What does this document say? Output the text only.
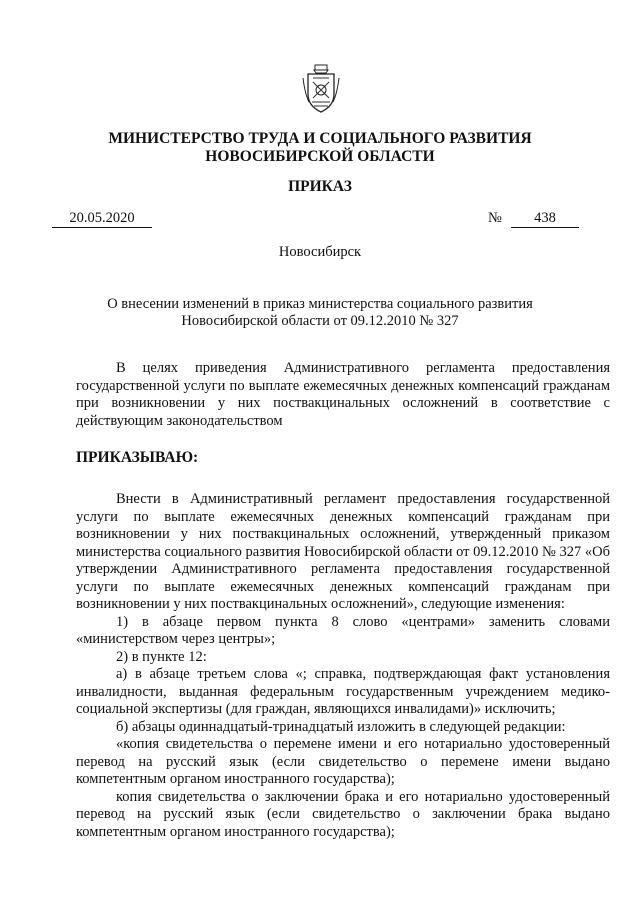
МИНИСТЕРСТВО ТРУДА И СОЦИАЛЬНОГО РАЗВИТИЯ
НОВОСИБИРСКОЙ ОБЛАСТИ
ПРИКАЗ
20.05.2020	№	438
Новосибирск
О внесении изменений в приказ министерства социального развития
Новосибирской области от 09.12.2010 № 327

В целях приведения Административного регламента предоставления государственной услуги по выплате ежемесячных денежных компенсаций гражданам при возникновении у них поствакцинальных осложнений в соответствие с действующим законодательством

ПРИКАЗЫВАЮ:

Внести в Административный регламент предоставления государственной услуги по выплате ежемесячных денежных компенсаций гражданам при возникновении у них поствакцинальных осложнений, утвержденный приказом министерства социального развития Новосибирской области от 09.12.2010 № 327 «Об утверждении Административного регламента предоставления государственной услуги по выплате ежемесячных денежных компенсаций гражданам при возникновении у них поствакцинальных осложнений», следующие изменения:

1) в абзаце первом пункта 8 слово «центрами» заменить словами «министерством через центры»;

2) в пункте 12:

а) в абзаце третьем слова «; справка, подтверждающая факт установления инвалидности, выданная федеральным государственным учреждением медико-социальной экспертизы (для граждан, являющихся инвалидами)» исключить;

б) абзацы одиннадцатый-тринадцатый изложить в следующей редакции:

«копия свидетельства о перемене имени и его нотариально удостоверенный перевод на русский язык (если свидетельство о перемене имени выдано компетентным органом иностранного государства);

копия свидетельства о заключении брака и его нотариально удостоверенный перевод на русский язык (если свидетельство о заключении брака выдано компетентным органом иностранного государства);
